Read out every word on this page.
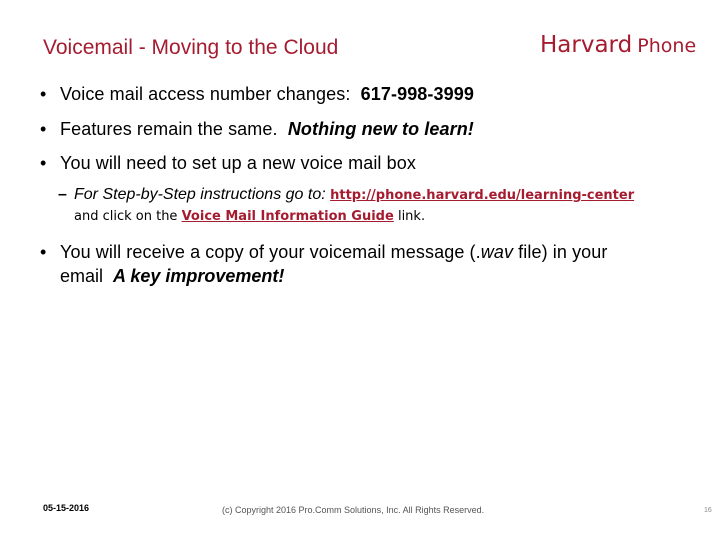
Voicemail - Moving to the Cloud	Harvard Phone
• Voice mail access number changes: 617-998-3999
• Features remain the same. Nothing new to learn!
• You will need to set up a new voice mail box
– For Step-by-Step instructions go to: http://phone.harvard.edu/learning-center
and click on the Voice Mail Information Guide link.
• You will receive a copy of your voicemail message (.wav file) in your
email A key improvement!
05-15-2016	(c) Copyright 2016 Pro.Comm Solutions, Inc. All Rights Reserved.	16
